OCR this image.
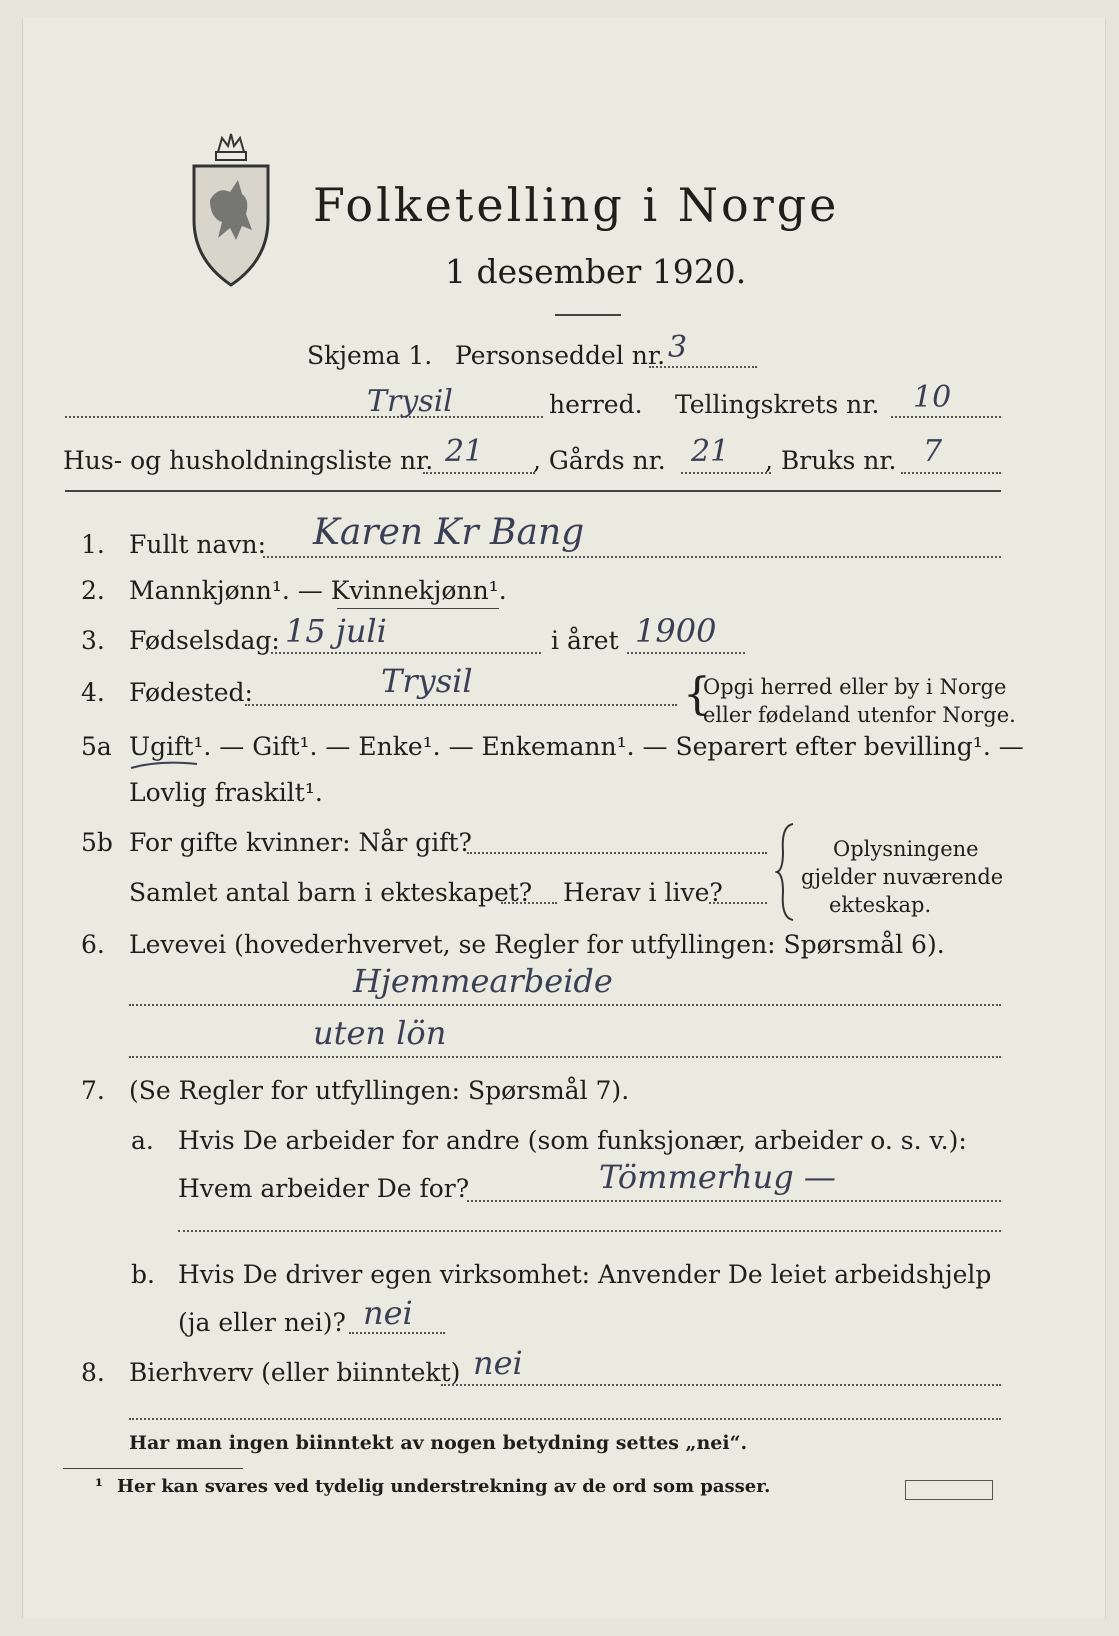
Folketelling i Norge
1 desember 1920.
Skjema 1. Personseddel nr. 3
Trysil	herred. Tellingskrets nr. 10
Hus- og husholdningsliste nr. 21 , Gårds nr. 21 , Bruks nr. 7
1. Fullt navn: Karen Kr Bang
2. Mannkjønn¹. — Kvinnekjønn¹.
3. Fødselsdag: 15 juli	i året 1900
4. Fødested:	Trysil	{
Opgi herred eller by i Norge
eller fødeland utenfor Norge.
5a Ugift¹. — Gift¹. — Enke¹. — Enkemann¹. — Separert efter bevilling¹. —
Lovlig fraskilt¹.
5b For gifte kvinner: Når gift?
Samlet antal barn i ekteskapet? Herav i live?
Oplysningene
gjelder nuværende
ekteskap.
6. Levevei (hovederhvervet, se Regler for utfyllingen: Spørsmål 6).
Hjemmearbeide
uten lön
7. (Se Regler for utfyllingen: Spørsmål 7).
a. Hvis De arbeider for andre (som funksjonær, arbeider o. s. v.):
Hvem arbeider De for?	Tömmerhug —
b. Hvis De driver egen virksomhet: Anvender De leiet arbeidshjelp
(ja eller nei)? nei
8. Bierhverv (eller biinntekt) nei
Har man ingen biinntekt av nogen betydning settes „nei“.
¹ Her kan svares ved tydelig understrekning av de ord som passer.
